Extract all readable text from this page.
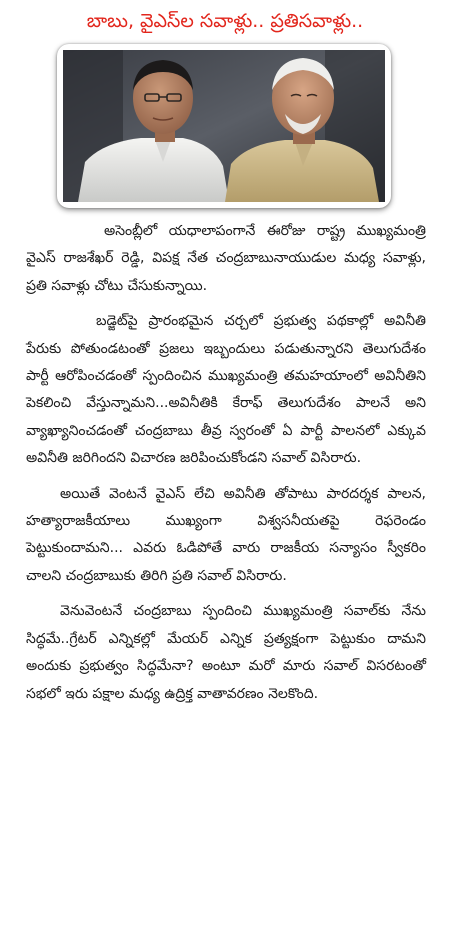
బాబు, వైఎస్‌ల సవాళ్లు.. ప్రతిసవాళ్లు..

అసెంబ్లీలో యధాలాపంగానే ఈరోజు రాష్ట్ర ముఖ్యమంత్రి వైఎస్ రాజశేఖర్ రెడ్డి, విపక్ష నేత చంద్రబాబునాయుడుల మధ్య సవాళ్లు, ప్రతి సవాళ్లు చోటు చేసుకున్నాయి.

బడ్జెట్‌పై ప్రారంభమైన చర్చలో ప్రభుత్వ పథకాల్లో అవినీతి పేరుకు పోతుండటంతో ప్రజలు ఇబ్బందులు పడుతున్నారని తెలుగుదేశం పార్టీ ఆరోపించడంతో స్పందించిన ముఖ్యమంత్రి తమహయాంలో అవినీతిని పెకలించి వేస్తున్నామని...అవినీతికి కేరాఫ్ తెలుగుదేశం పాలనే అని వ్యాఖ్యానించడంతో చంద్రబాబు తీవ్ర స్వరంతో ఏ పార్టీ పాలనలో ఎక్కువ అవినీతి జరిగిందని విచారణ జరిపించుకోండని సవాల్ విసిరారు.

అయితే వెంటనే వైఎస్ లేచి అవినీతి తోపాటు పారదర్శక పాలన, హత్యారాజకీయాలు ముఖ్యంగా విశ్వసనీయతపై రెఫరెండం పెట్టుకుందామని... ఎవరు ఓడిపోతే వారు రాజకీయ సన్యాసం స్వీకరిం చాలని చంద్రబాబుకు తిరిగి ప్రతి సవాల్ విసిరారు.

వెనువెంటనే చంద్రబాబు స్పందించి ముఖ్యమంత్రి సవాల్‌కు నేను సిద్ధమే..గ్రేటర్ ఎన్నికల్లో మేయర్ ఎన్నిక ప్రత్యక్షంగా పెట్టుకుం దామని అందుకు ప్రభుత్వం సిద్ధమేనా? అంటూ మరో మారు సవాల్ విసరటంతో సభలో ఇరు పక్షాల మధ్య ఉద్రిక్త వాతావరణం నెలకొంది.
